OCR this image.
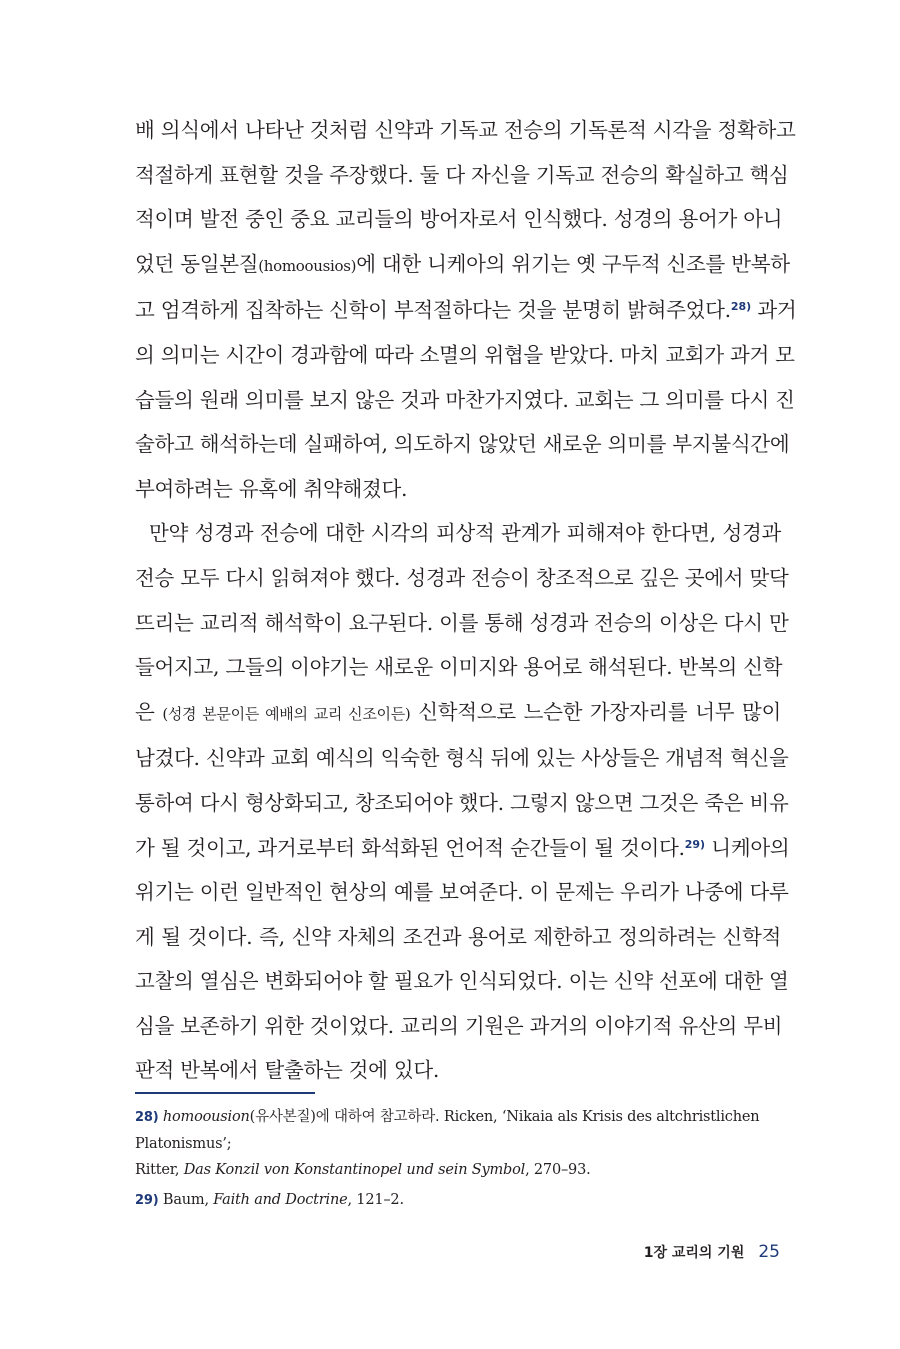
배 의식에서 나타난 것처럼 신약과 기독교 전승의 기독론적 시각을 정확하고
적절하게 표현할 것을 주장했다. 둘 다 자신을 기독교 전승의 확실하고 핵심
적이며 발전 중인 중요 교리들의 방어자로서 인식했다. 성경의 용어가 아니
었던 동일본질(homoousios)에 대한 니케아의 위기는 옛 구두적 신조를 반복하
고 엄격하게 집착하는 신학이 부적절하다는 것을 분명히 밝혀주었다.$^{28)}$ 과거
의 의미는 시간이 경과함에 따라 소멸의 위협을 받았다. 마치 교회가 과거 모
습들의 원래 의미를 보지 않은 것과 마찬가지였다. 교회는 그 의미를 다시 진
술하고 해석하는데 실패하여, 의도하지 않았던 새로운 의미를 부지불식간에
부여하려는 유혹에 취약해졌다.
만약 성경과 전승에 대한 시각의 피상적 관계가 피해져야 한다면, 성경과
전승 모두 다시 읽혀져야 했다. 성경과 전승이 창조적으로 깊은 곳에서 맞닥
뜨리는 교리적 해석학이 요구된다. 이를 통해 성경과 전승의 이상은 다시 만
들어지고, 그들의 이야기는 새로운 이미지와 용어로 해석된다. 반복의 신학
은 (성경 본문이든 예배의 교리 신조이든) 신학적으로 느슨한 가장자리를 너무 많이
남겼다. 신약과 교회 예식의 익숙한 형식 뒤에 있는 사상들은 개념적 혁신을
통하여 다시 형상화되고, 창조되어야 했다. 그렇지 않으면 그것은 죽은 비유
가 될 것이고, 과거로부터 화석화된 언어적 순간들이 될 것이다.$^{29)}$ 니케아의
위기는 이런 일반적인 현상의 예를 보여준다. 이 문제는 우리가 나중에 다루
게 될 것이다. 즉, 신약 자체의 조건과 용어로 제한하고 정의하려는 신학적
고찰의 열심은 변화되어야 할 필요가 인식되었다. 이는 신약 선포에 대한 열
심을 보존하기 위한 것이었다. 교리의 기원은 과거의 이야기적 유산의 무비
판적 반복에서 탈출하는 것에 있다.
28) homoousion(유사본질)에 대하여 참고하라. Ricken, ‘Nikaia als Krisis des altchristlichen Platonismus’;
Ritter, Das Konzil von Konstantinopel und sein Symbol, 270–93.
29) Baum, Faith and Doctrine, 121–2.
1장 교리의 기원 25
